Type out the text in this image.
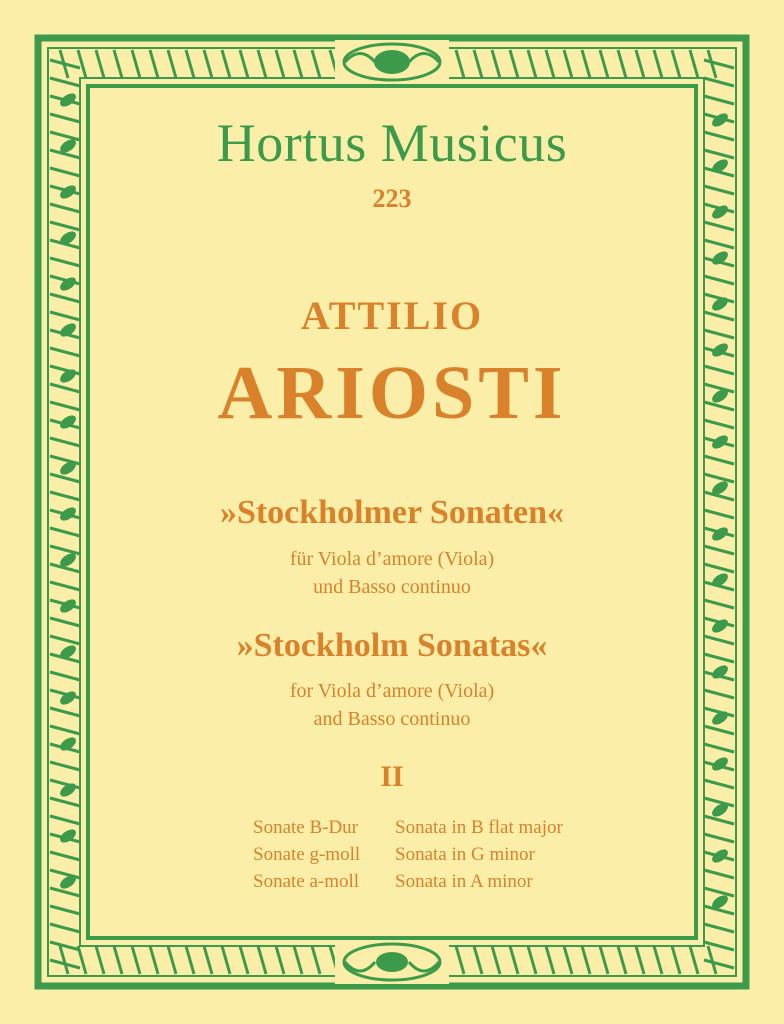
Hortus Musicus
223
ATTILIO
ARIOSTI
»Stockholmer Sonaten«
für Viola d’amore (Viola)
und Basso continuo
»Stockholm Sonatas«
for Viola d’amore (Viola)
and Basso continuo
II
Sonate B-Dur	Sonata in B flat major
Sonate g-moll	Sonata in G minor
Sonate a-moll	Sonata in A minor
